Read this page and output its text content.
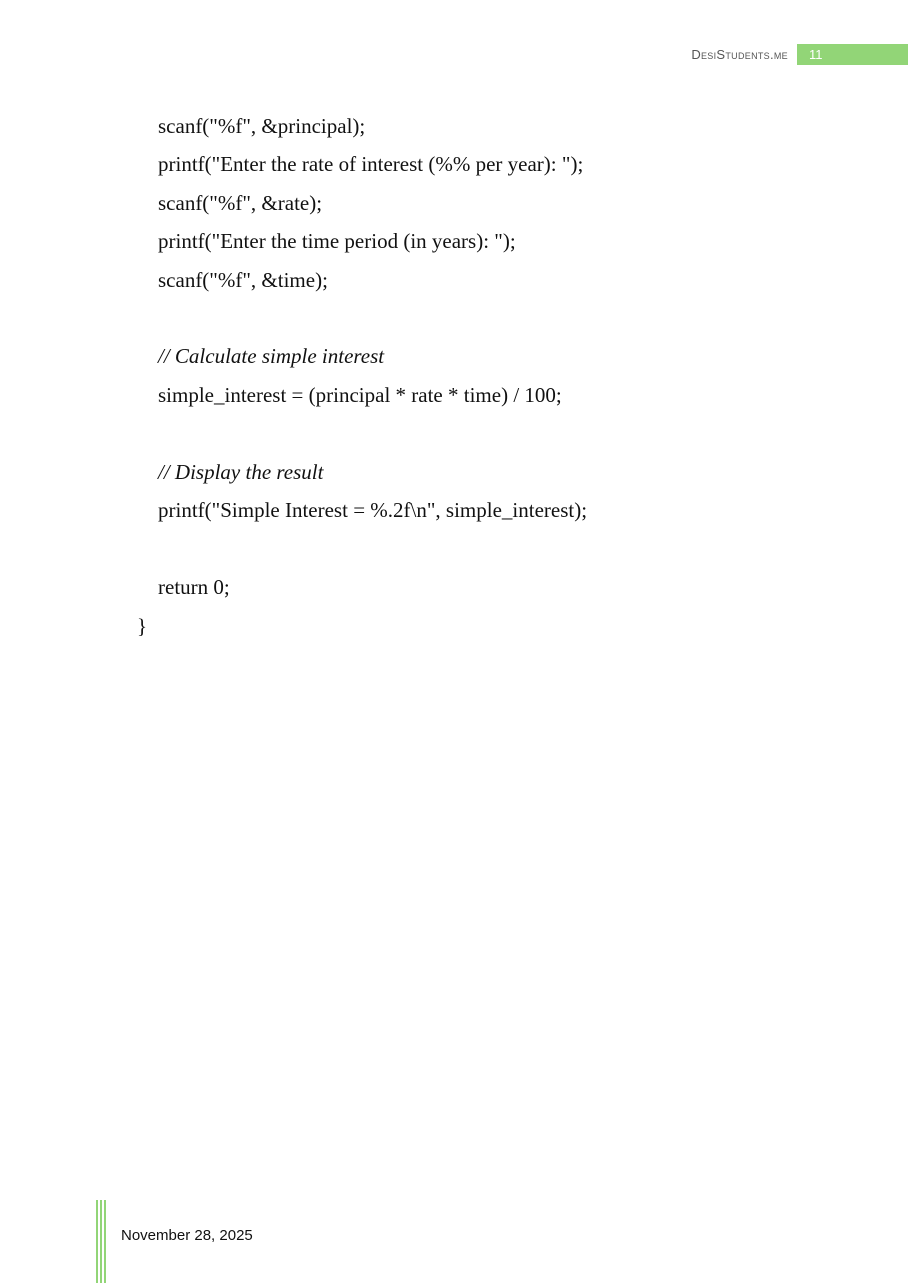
DesiStudents.me 11
scanf("%f", &principal);
printf("Enter the rate of interest (%% per year): ");
scanf("%f", &rate);
printf("Enter the time period (in years): ");
scanf("%f", &time);
// Calculate simple interest
simple_interest = (principal * rate * time) / 100;
// Display the result
printf("Simple Interest = %.2f\n", simple_interest);
return 0;
}
November 28, 2025
